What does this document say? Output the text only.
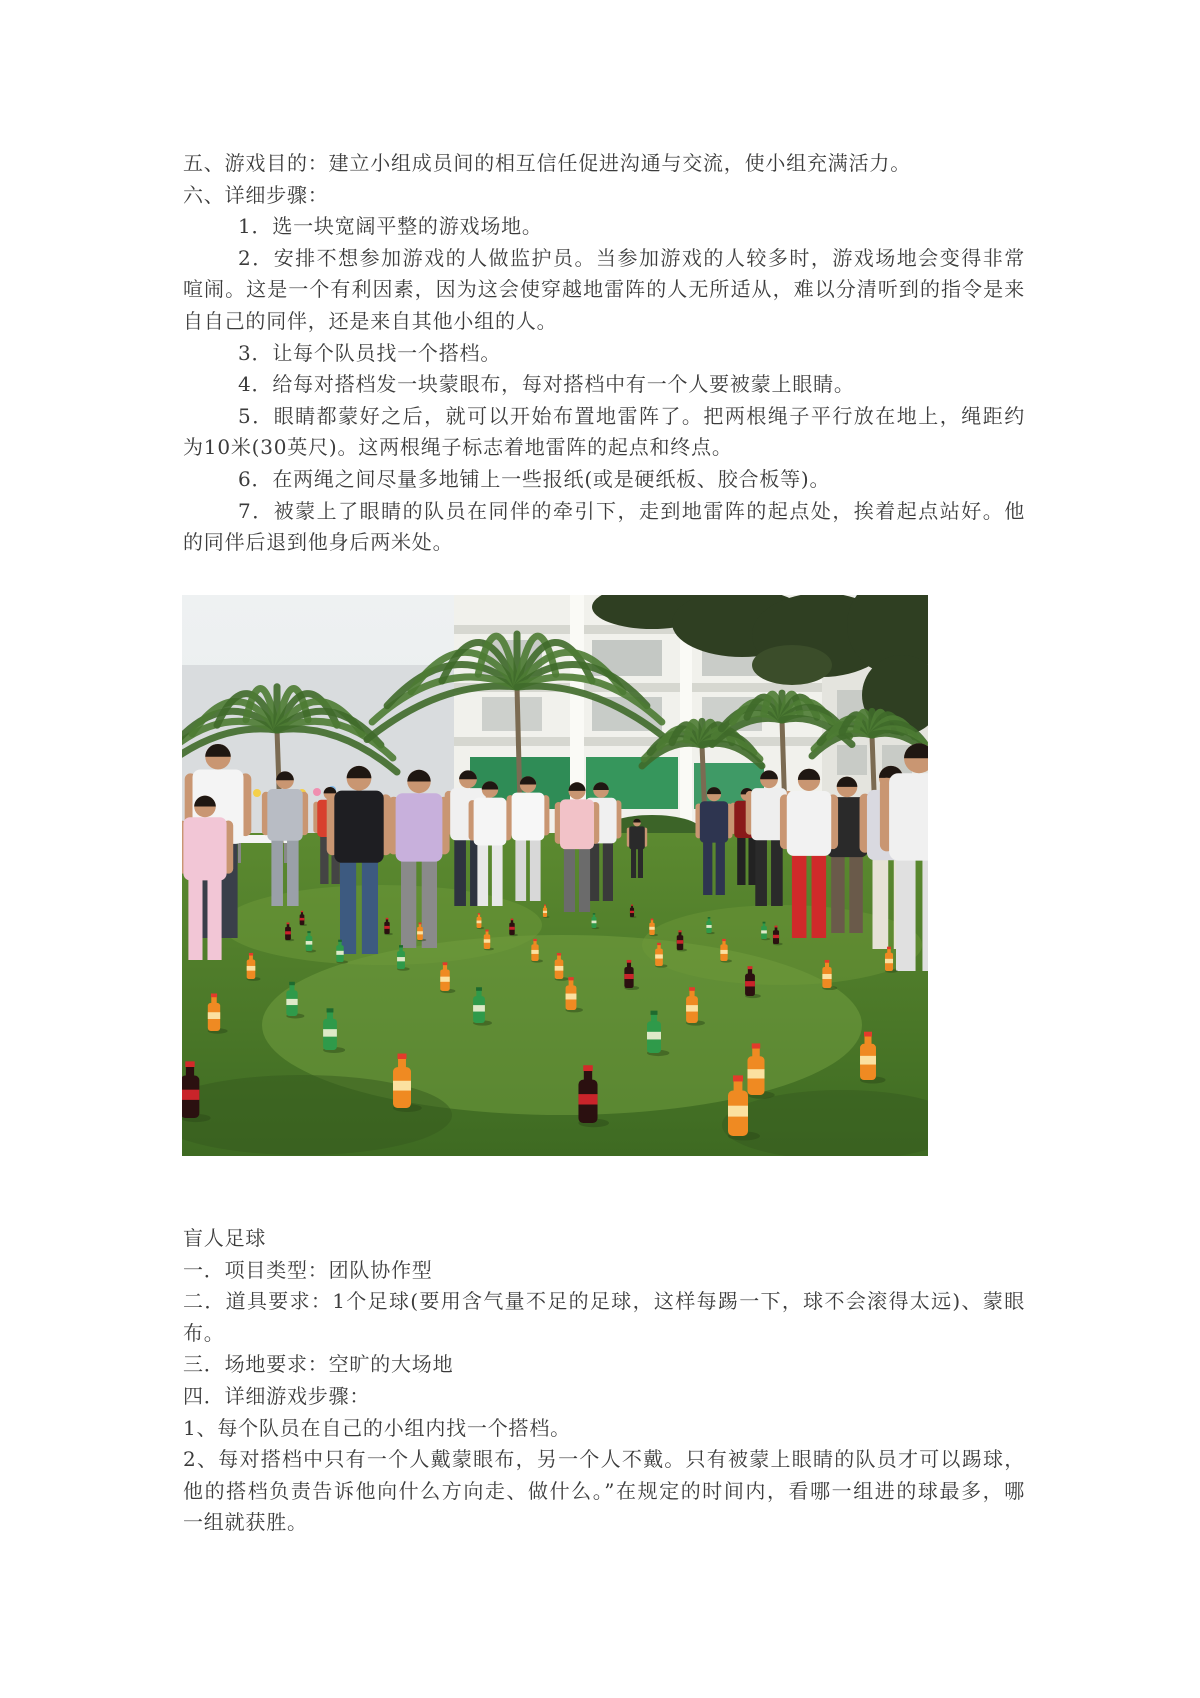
五、游戏目的：建立小组成员间的相互信任促进沟通与交流，使小组充满活力。
六、详细步骤：
1．选一块宽阔平整的游戏场地。
2．安排不想参加游戏的人做监护员。当参加游戏的人较多时，游戏场地会变得非常
喧闹。这是一个有利因素，因为这会使穿越地雷阵的人无所适从，难以分清听到的指令是来
自自己的同伴，还是来自其他小组的人。
3．让每个队员找一个搭档。
4．给每对搭档发一块蒙眼布，每对搭档中有一个人要被蒙上眼睛。
5．眼睛都蒙好之后，就可以开始布置地雷阵了。把两根绳子平行放在地上，绳距约
为10米(30英尺)。这两根绳子标志着地雷阵的起点和终点。
6．在两绳之间尽量多地铺上一些报纸(或是硬纸板、胶合板等)。
7．被蒙上了眼睛的队员在同伴的牵引下，走到地雷阵的起点处，挨着起点站好。他
的同伴后退到他身后两米处。
盲人足球
一．项目类型：团队协作型
二．道具要求：1个足球(要用含气量不足的足球，这样每踢一下，球不会滚得太远)、蒙眼
布。
三．场地要求：空旷的大场地
四．详细游戏步骤：
1、每个队员在自己的小组内找一个搭档。
2、每对搭档中只有一个人戴蒙眼布，另一个人不戴。只有被蒙上眼睛的队员才可以踢球，
他的搭档负责告诉他向什么方向走、做什么。”在规定的时间内，看哪一组进的球最多，哪
一组就获胜。
